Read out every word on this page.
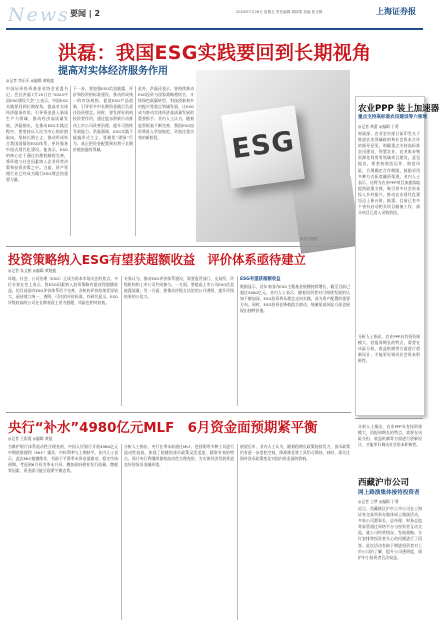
News 要闻 | 2	2024年7月26日 星期五 责任编辑 胡林果 美编 张玉梅	上海证券报
洪磊：我国ESG实践要回到长期视角
提高对实体经济服务作用
◎记者 李乐乐 ◎编辑 黄晓鹿
中国证券投资基金业协会党委书记、会长洪磊7月25日在“2024中国ESG建设大会”上表示，中国ESG实践要回到长期视角，提高对实体经济服务作用，引导资金进入新质生产力领域，推动经济高质量发展。洪磊指出，在推动ESG实践过程中，要坚持以人民为中心的价值取向，坚持长期主义，推动形成符合我国国情的ESG体系，更好服务中国式现代化建设。他表示，ESG的核心在于通过治理机制的完善，将环境与社会因素纳入企业经营决策和投资决策之中。当前，资产管理行业已经成为践行ESG理念的重要力量。
下一步，要加强ESG信息披露、评价和投资的标准建设，推动形成统一的市场规则，促进ESG产品创新，引导更多中长期资金践行负责任投资理念。同时，要发挥好机构投资者作用，通过股东积极行动推动上市公司改善治理，提升可持续发展能力。洪磊强调，ESG实践不能搞形式主义，要避免“漂绿”行为，真正把资金配置到有利于长期价值创造的领域。
此外，洪磊还表示，要持续推动ESG投资与国家战略相结合，支持绿色低碳转型、科技创新和乡村振兴等重点领域发展，让ESG成为推动实体经济高质量发展的重要抓手。业内人士认为，随着监管框架不断完善，我国ESG投资将进入更加规范、更加注重实效的新阶段。	ESG
视觉中国图
农业PPP 装上加速器
重点支持高标准农田建设等六领域
◎记者 黄蕾 ◎编辑 于勇
财政部、农业农村部日前印发关于推进农业领域政府和社会资本合作的指导意见，明确重点支持高标准农田建设、智慧农业、农业废弃物资源化利用等领域项目建设。意见提出，要坚持规范运作，防范风险，合理确定合作期限，鼓励采用多种方式拓宽融资渠道。业内人士表示，这将为农业PPP项目加速落地提供政策支撑，吸引更多社会资本投入乡村振兴，推动农业现代化建设迈上新台阶。据悉，目前已有多个省份启动相关项目储备工作，部分项目已进入采购阶段。
分析人士指出，农业PPP具有投资规模大、回报周期长的特点，需要在风险分担、收益机制等方面进行创新设计，才能更好调动社会资本积极性。
投资策略纳入ESG有望获超额收益　评价体系亟待建立
◎记者 朱文彬 ◎编辑 黄晓鹿
环境、社会、公司治理（ESG）正成为资本市场关注的焦点。多位专家在会上表示，将ESG因素纳入投资策略有望获得超额收益，但目前国内ESG评价体系仍不完善，各机构评价结果差异较大，亟待建立统一、透明、可比的评价标准。有研究显示，ESG评级较高的公司在长期表现上更为稳健，风险也相对较低。
专家认为，推动ESG评价体系建设，需要监管部门、交易所、评级机构和上市公司共同参与。一方面，要提高上市公司ESG信息披露质量；另一方面，要推动评级方法论的公开透明，提升评级结果的公信力。
ESG有望获超额收益
数据显示，近年来国内ESG主题基金规模持续增长，截至目前已超过5000亿元。业内人士表示，随着投资者对可持续发展的认知不断加深，ESG投资将从理念走向实践，成为资产配置的重要方向。同时，ESG投资在降低组合波动、规避尾部风险方面也展现出独特价值。
央行“补水”4980亿元MLF　6月资金面预期紧平衡
◎记者 王彩霞 ◎编辑 黄旭
为维护银行体系流动性合理充裕，中国人民银行开展4980亿元中期借贷便利（MLF）操作，中标利率与上期持平。业内人士表示，此次MLF超额续作，有助于平滑季末资金面波动，稳定市场预期。考虑到6月份为季末月份，叠加政府债券发行放量、缴税等因素，资金面可能呈现紧平衡态势。
分析人士指出，央行在季末前通过MLF、逆回购等多种工具进行流动性投放，体现了稳健的货币政策灵活适度、精准有效的特点。预计央行将继续保持流动性合理充裕，为实体经济发展营造良好的货币金融环境。
展望后市，业内人士认为，随着稳增长政策持续发力，货币政策仍有进一步宽松空间，降准降息等工具仍可期待。同时，需关注海外货币政策变化对国内资金面的影响。
西藏沪市公司
网上路演集体接待投资者
◎记者 王梦 ◎编辑 于勇
近日，西藏辖区沪市上市公司在上海证券交易所举办集体网上路演活动，多家公司董事长、总经理、财务总监等高管通过网络平台与投资者互动交流，就公司经营情况、发展战略、分红安排等投资者关心的问题进行了回答。此次活动有助于增进投资者对上市公司的了解，提升公司透明度，保护中小投资者合法权益。
分析人士指出，农业PPP具有投资规模大、回报周期长的特点，需要在风险分担、收益机制等方面进行创新设计，才能更好调动社会资本积极性。
